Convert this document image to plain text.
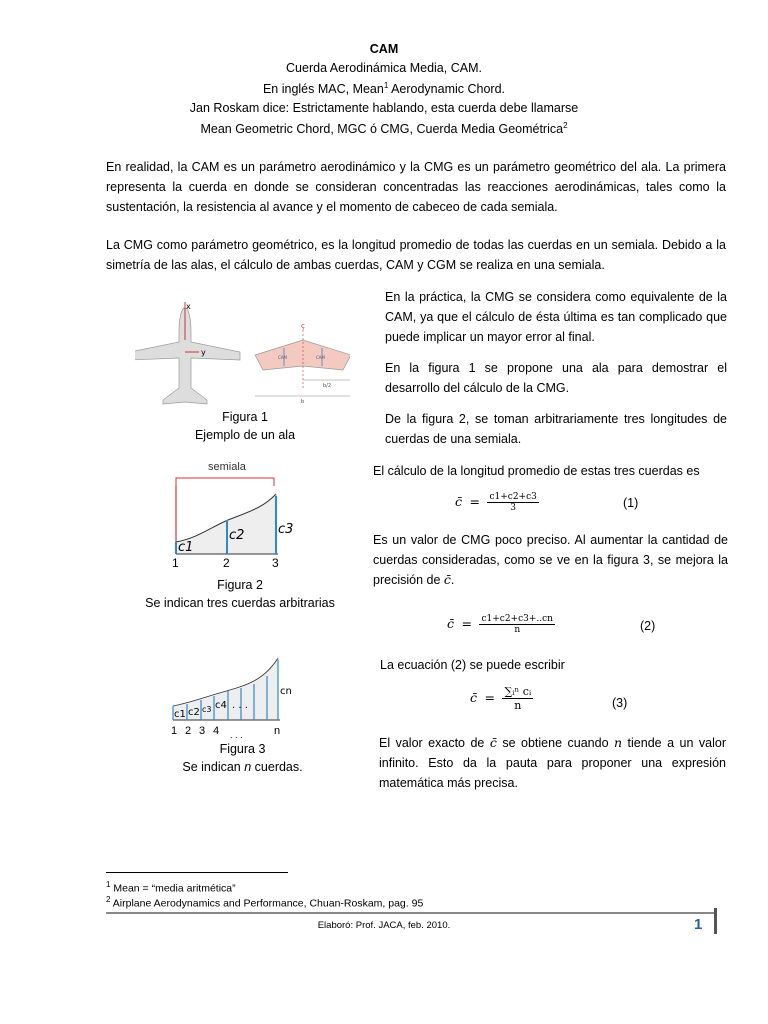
CAM
Cuerda Aerodinámica Media, CAM.
En inglés MAC, Mean$^1$ Aerodynamic Chord.
Jan Roskam dice: Estrictamente hablando, esta cuerda debe llamarse
Mean Geometric Chord, MGC ó CMG, Cuerda Media Geométrica$^2$
En realidad, la CAM es un parámetro aerodinámico y la CMG es un parámetro geométrico del ala. La primera representa la cuerda en donde se consideran concentradas las reacciones aerodinámicas, tales como la sustentación, la resistencia al avance y el momento de cabeceo de cada semiala.
La CMG como parámetro geométrico, es la longitud promedio de todas las cuerdas en un semiala. Debido a la simetría de las alas, el cálculo de ambas cuerdas, CAM y CGM se realiza en una semiala.
x
y
ç
CAM	CAM
b/2
b
Figura 1
Ejemplo de un ala
semiala
c1
c2	c3
1	2	3
Figura 2
Se indican tres cuerdas arbitrarias
c1 c2 c3 c4 . . .
cn
1 2 3 4 . . .	n
Figura 3
Se indican n cuerdas.
En la práctica, la CMG se considera como equivalente de la CAM, ya que el cálculo de ésta última es tan complicado que puede implicar un mayor error al final.
En la figura 1 se propone una ala para demostrar el desarrollo del cálculo de la CMG.
De la figura 2, se toman arbitrariamente tres longitudes de cuerdas de una semiala.
El cálculo de la longitud promedio de estas tres cuerdas es
c̄ = $\frac{c1+c2+c3}{3}$	(1)
Es un valor de CMG poco preciso. Al aumentar la cantidad de cuerdas consideradas, como se ve en la figura 3, se mejora la precisión de c̄.
c̄ = $\frac{c1+c2+c3+..cn}{n}$	(2)
La ecuación (2) se puede escribir
c̄ = $\frac{\text{∑ᵢⁿ cᵢ}}{n}$	(3)
El valor exacto de c̄ se obtiene cuando n tiende a un valor infinito. Esto da la pauta para proponer una expresión matemática más precisa.
$^1$ Mean = “media aritmética”
$^2$ Airplane Aerodynamics and Performance, Chuan-Roskam, pag. 95
Elaboró: Prof. JACA, feb. 2010.	1
